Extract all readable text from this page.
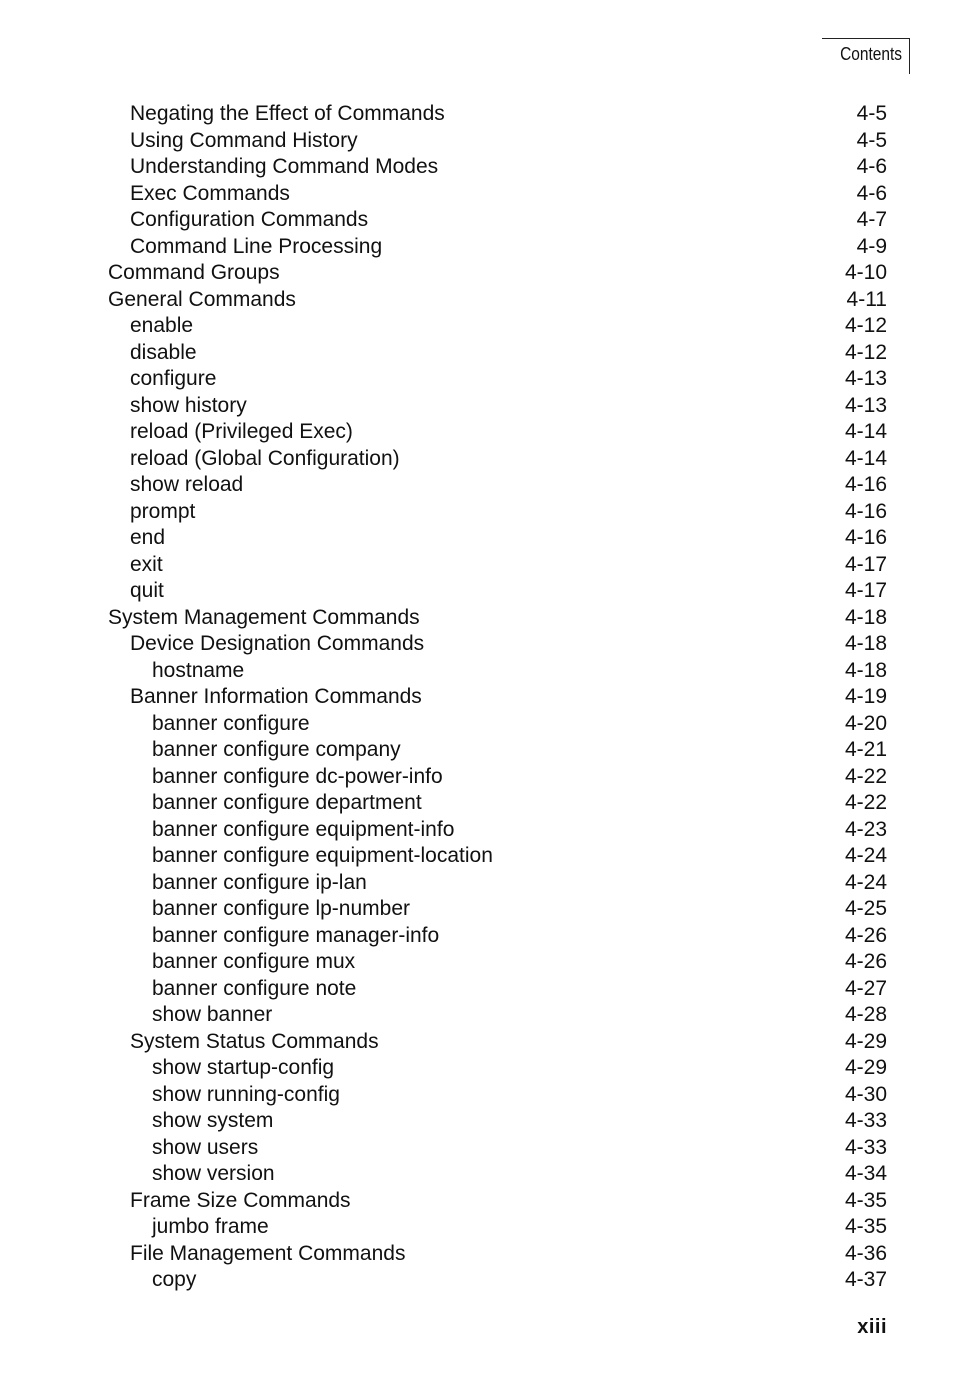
Contents
Negating the Effect of Commands	4-5
Using Command History	4-5
Understanding Command Modes	4-6
Exec Commands	4-6
Configuration Commands	4-7
Command Line Processing	4-9
Command Groups	4-10
General Commands	4-11
enable	4-12
disable	4-12
configure	4-13
show history	4-13
reload (Privileged Exec)	4-14
reload (Global Configuration)	4-14
show reload	4-16
prompt	4-16
end	4-16
exit	4-17
quit	4-17
System Management Commands	4-18
Device Designation Commands	4-18
hostname	4-18
Banner Information Commands	4-19
banner configure	4-20
banner configure company	4-21
banner configure dc-power-info	4-22
banner configure department	4-22
banner configure equipment-info	4-23
banner configure equipment-location	4-24
banner configure ip-lan	4-24
banner configure lp-number	4-25
banner configure manager-info	4-26
banner configure mux	4-26
banner configure note	4-27
show banner	4-28
System Status Commands	4-29
show startup-config	4-29
show running-config	4-30
show system	4-33
show users	4-33
show version	4-34
Frame Size Commands	4-35
jumbo frame	4-35
File Management Commands	4-36
copy	4-37
xiii
